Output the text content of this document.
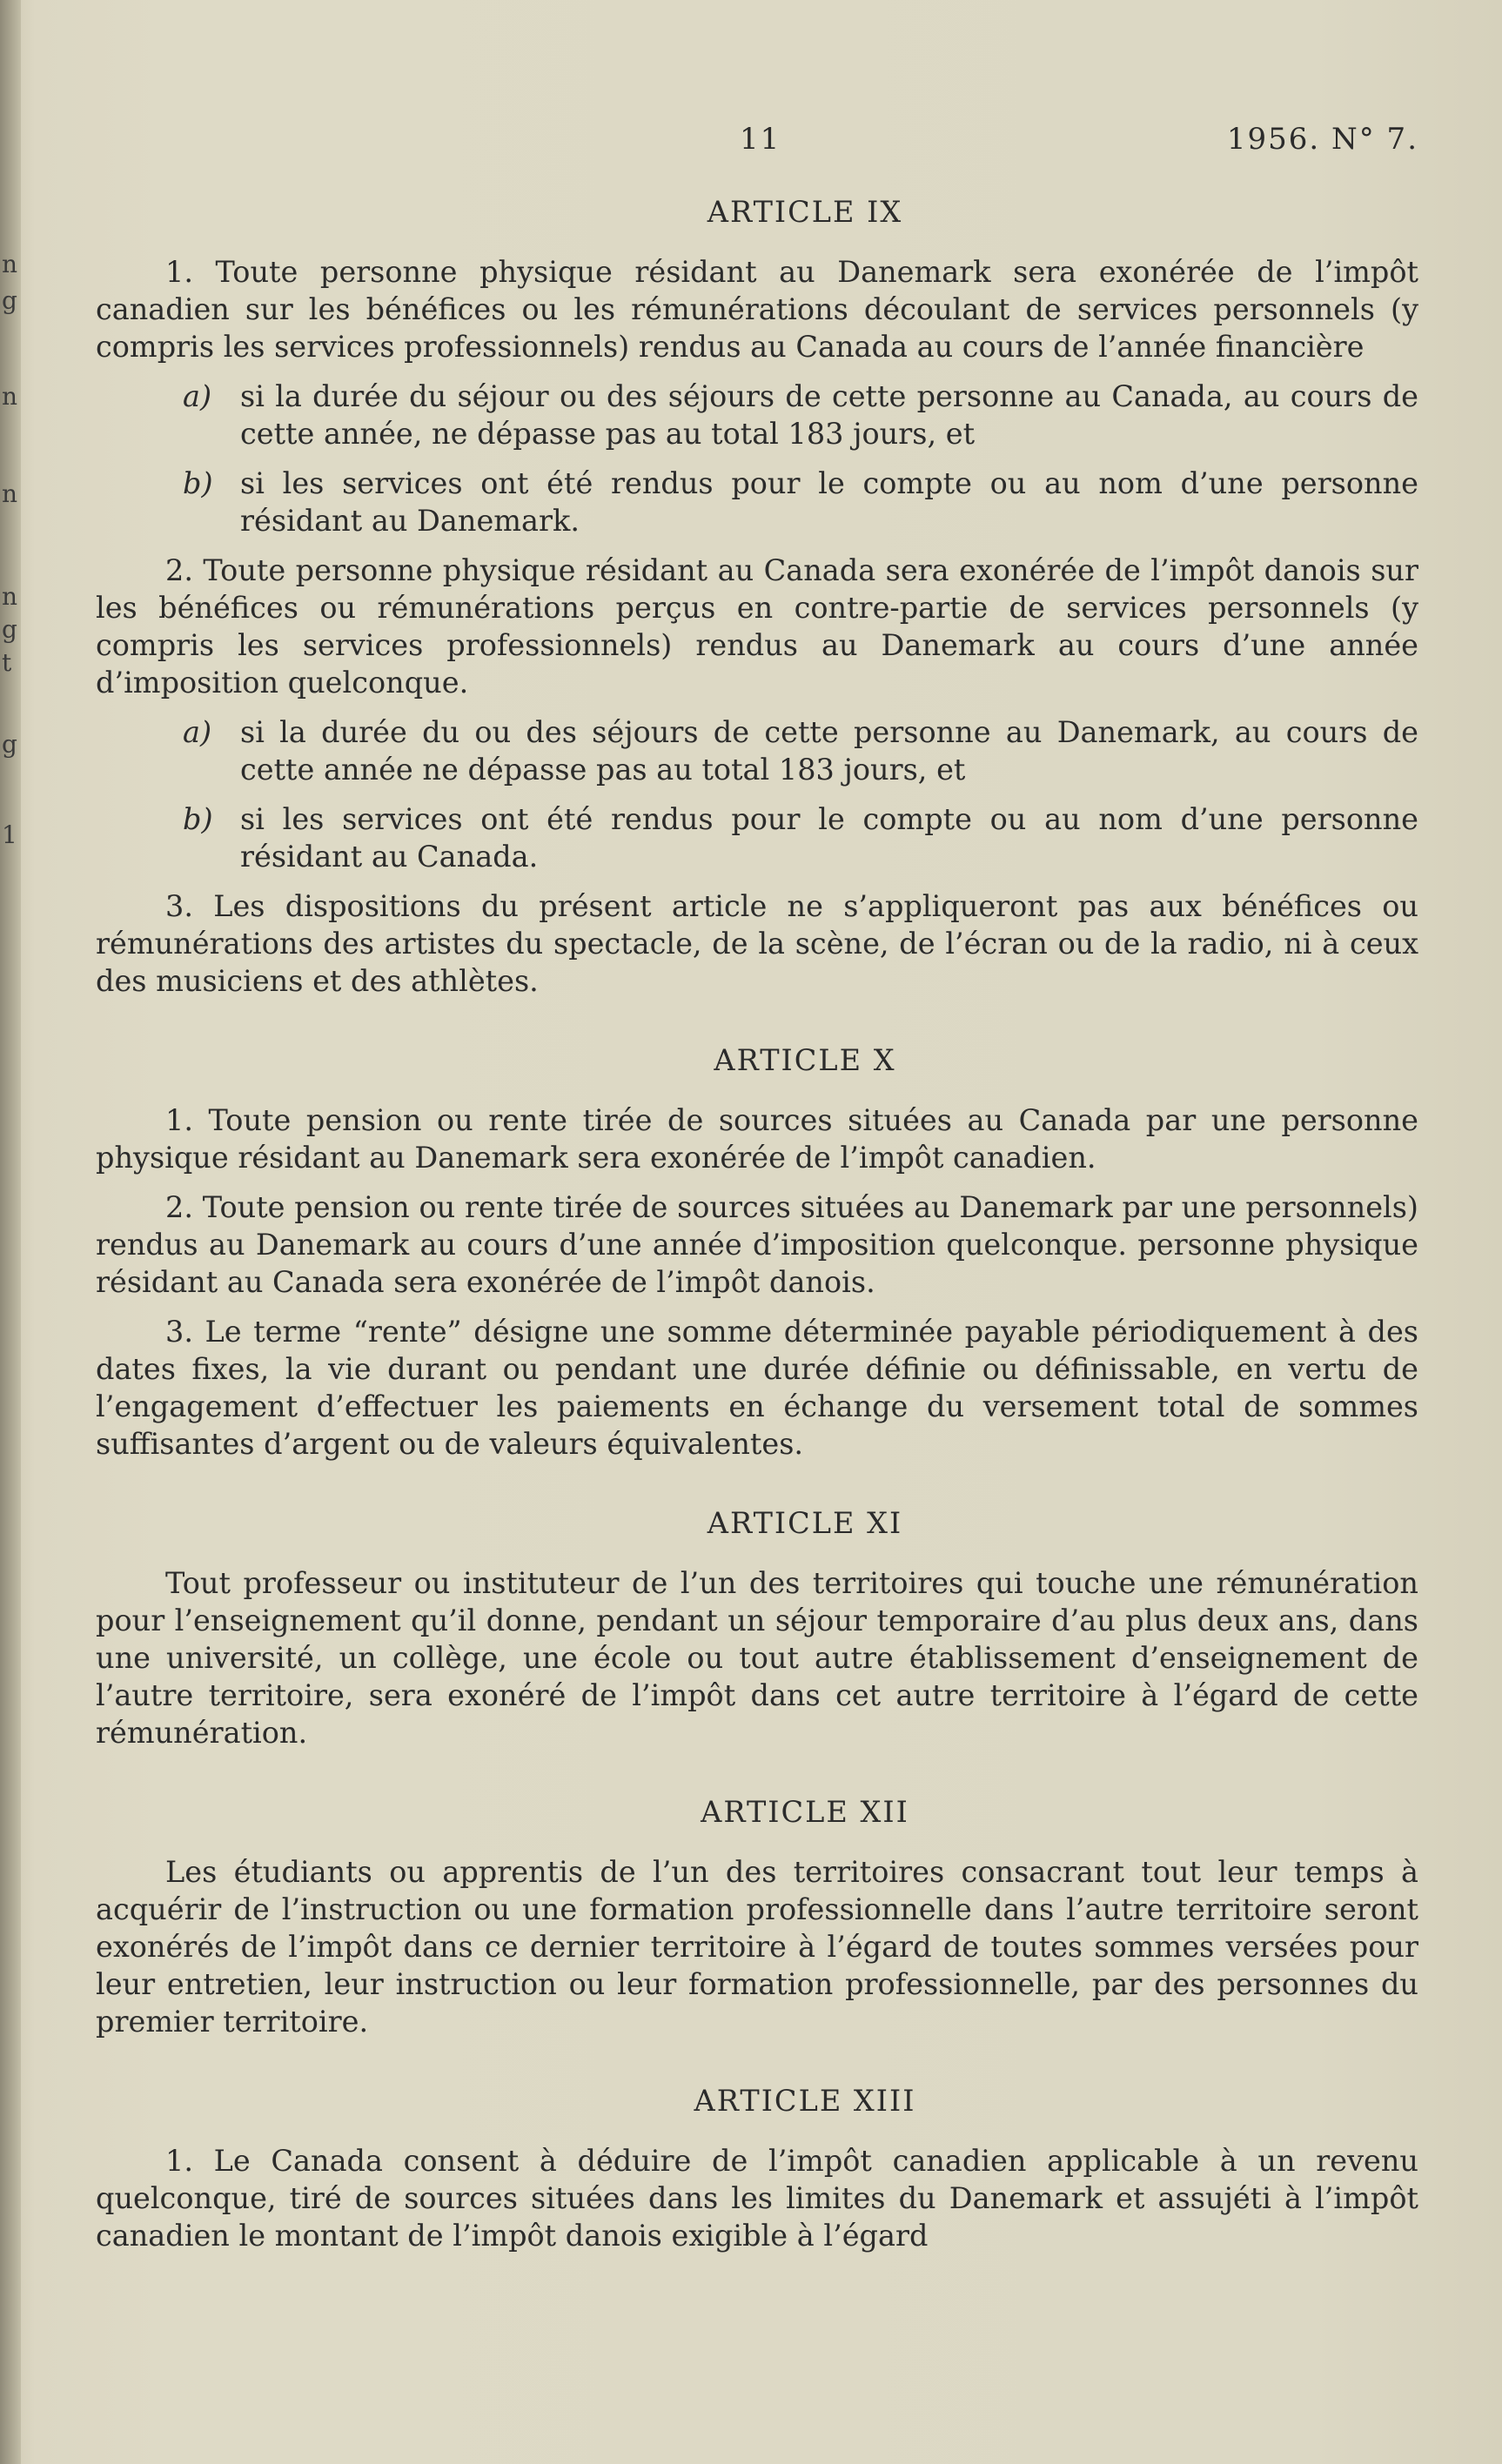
n
g
n
n
n
g
t
g
1
11	1956. N° 7.
ARTICLE IX

1. Toute personne physique résidant au Danemark sera exonérée de l’impôt canadien sur les bénéfices ou les rémunérations découlant de services personnels (y compris les services professionnels) rendus au Canada au cours de l’année financière

a) si la durée du séjour ou des séjours de cette personne au Canada, au cours de cette année, ne dépasse pas au total 183 jours, et
b) si les services ont été rendus pour le compte ou au nom d’une personne résidant au Danemark.

2. Toute personne physique résidant au Canada sera exonérée de l’impôt danois sur les bénéfices ou rémunérations perçus en contre-partie de services personnels (y compris les services professionnels) rendus au Danemark au cours d’une année d’imposition quelconque.

a) si la durée du ou des séjours de cette personne au Danemark, au cours de cette année ne dépasse pas au total 183 jours, et
b) si les services ont été rendus pour le compte ou au nom d’une personne résidant au Canada.

3. Les dispositions du présent article ne s’appliqueront pas aux bénéfices ou rémunérations des artistes du spectacle, de la scène, de l’écran ou de la radio, ni à ceux des musiciens et des athlètes.

ARTICLE X

1. Toute pension ou rente tirée de sources situées au Canada par une personne physique résidant au Danemark sera exonérée de l’impôt canadien.

2. Toute pension ou rente tirée de sources situées au Danemark par une personnels) rendus au Danemark au cours d’une année d’imposition quelconque. personne physique résidant au Canada sera exonérée de l’impôt danois.

3. Le terme “rente” désigne une somme déterminée payable périodiquement à des dates fixes, la vie durant ou pendant une durée définie ou définissable, en vertu de l’engagement d’effectuer les paiements en échange du versement total de sommes suffisantes d’argent ou de valeurs équivalentes.

ARTICLE XI

Tout professeur ou instituteur de l’un des territoires qui touche une rémunération pour l’enseignement qu’il donne, pendant un séjour temporaire d’au plus deux ans, dans une université, un collège, une école ou tout autre établissement d’enseignement de l’autre territoire, sera exonéré de l’impôt dans cet autre territoire à l’égard de cette rémunération.

ARTICLE XII

Les étudiants ou apprentis de l’un des territoires consacrant tout leur temps à acquérir de l’instruction ou une formation professionnelle dans l’autre territoire seront exonérés de l’impôt dans ce dernier territoire à l’égard de toutes sommes versées pour leur entretien, leur instruction ou leur formation professionnelle, par des personnes du premier territoire.

ARTICLE XIII

1. Le Canada consent à déduire de l’impôt canadien applicable à un revenu quelconque, tiré de sources situées dans les limites du Danemark et assujéti à l’impôt canadien le montant de l’impôt danois exigible à l’égard
